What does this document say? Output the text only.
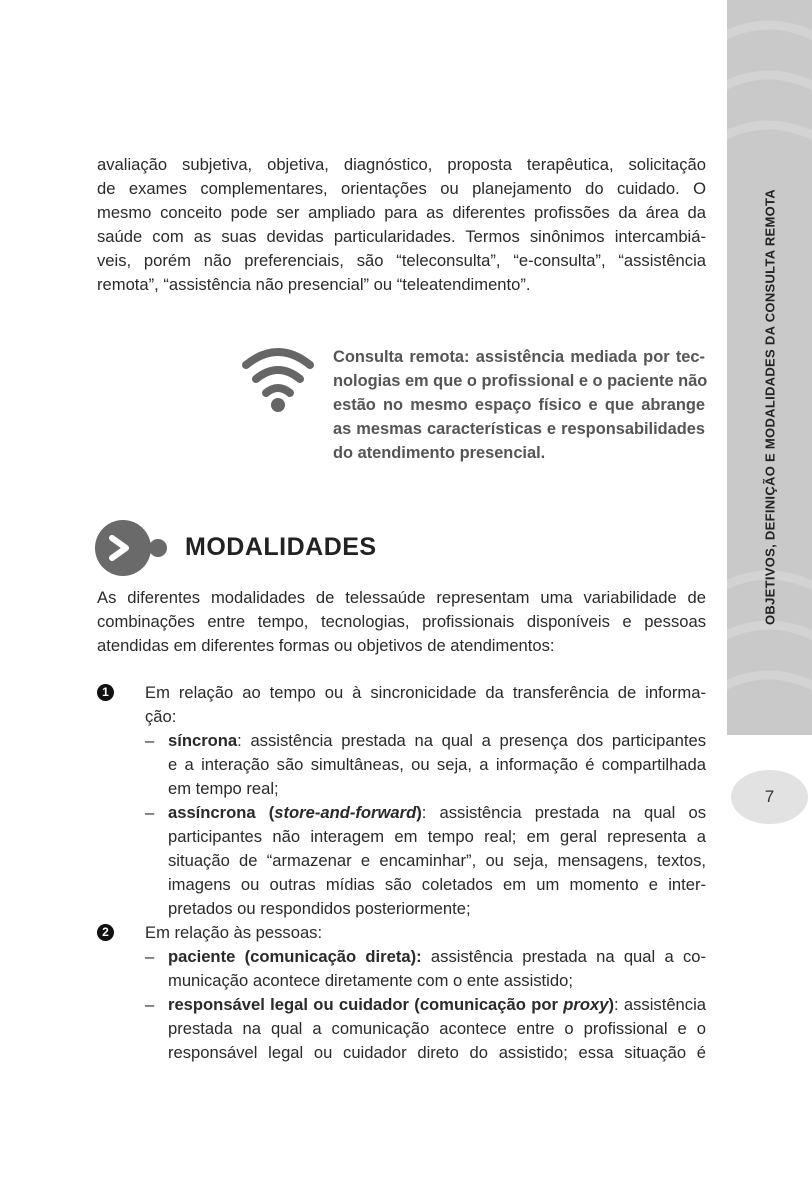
OBJETIVOS, DEFINIÇÃO E MODALIDADES DA CONSULTA REMOTA
7
avaliação subjetiva, objetiva, diagnóstico, proposta terapêutica, solicitação
de exames complementares, orientações ou planejamento do cuidado. O
mesmo conceito pode ser ampliado para as diferentes profissões da área da
saúde com as suas devidas particularidades. Termos sinônimos intercambiá-
veis, porém não preferenciais, são “teleconsulta”, “e-consulta”, “assistência
remota”, “assistência não presencial” ou “teleatendimento”.
Consulta remota: assistência mediada por tec-
nologias em que o profissional e o paciente não
estão no mesmo espaço físico e que abrange
as mesmas características e responsabilidades
do atendimento presencial.
MODALIDADES
As diferentes modalidades de telessaúde representam uma variabilidade de
combinações entre tempo, tecnologias, profissionais disponíveis e pessoas
atendidas em diferentes formas ou objetivos de atendimentos:
1	Em relação ao tempo ou à sincronicidade da transferência de informa-
ção:
– síncrona: assistência prestada na qual a presença dos participantes
e a interação são simultâneas, ou seja, a informação é compartilhada
em tempo real;
– assíncrona (store-and-forward): assistência prestada na qual os
participantes não interagem em tempo real; em geral representa a
situação de “armazenar e encaminhar”, ou seja, mensagens, textos,
imagens ou outras mídias são coletados em um momento e inter-
pretados ou respondidos posteriormente;
2	Em relação às pessoas:
– paciente (comunicação direta): assistência prestada na qual a co-
municação acontece diretamente com o ente assistido;
– responsável legal ou cuidador (comunicação por proxy): assistência
prestada na qual a comunicação acontece entre o profissional e o
responsável legal ou cuidador direto do assistido; essa situação é
